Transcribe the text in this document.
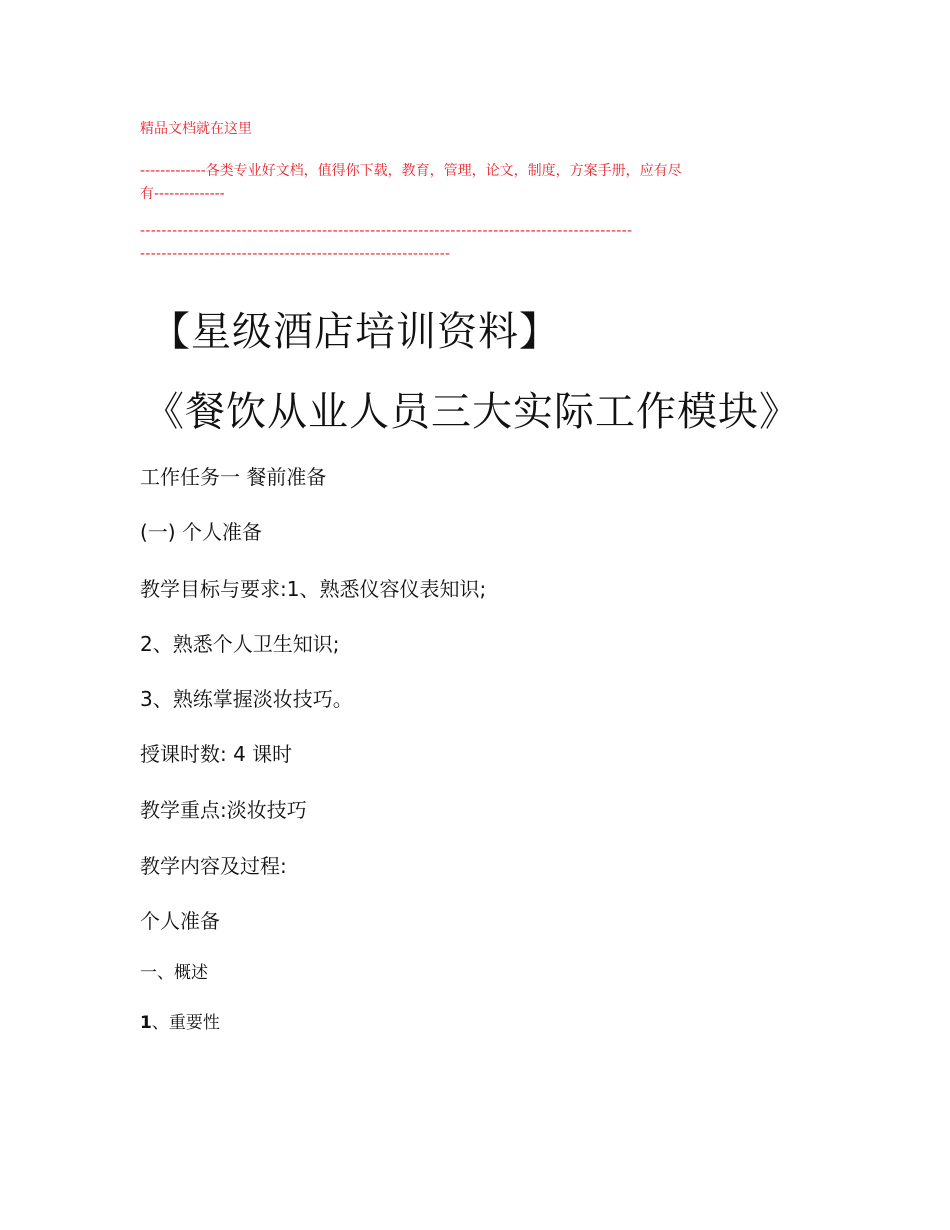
精品文档就在这里

-------------各类专业好文档，值得你下载，教育，管理，论文，制度，方案手册，应有尽

有--------------

--------------------------------------------------------------------------------------------

----------------------------------------------------------

【星级酒店培训资料】
《餐饮从业人员三大实际工作模块》

工作任务一 餐前准备

(一) 个人准备

教学目标与要求:1、熟悉仪容仪表知识;

2、熟悉个人卫生知识;

3、熟练掌握淡妆技巧。

授课时数: 4 课时

教学重点:淡妆技巧

教学内容及过程:

个人准备

一、概述

1、重要性
